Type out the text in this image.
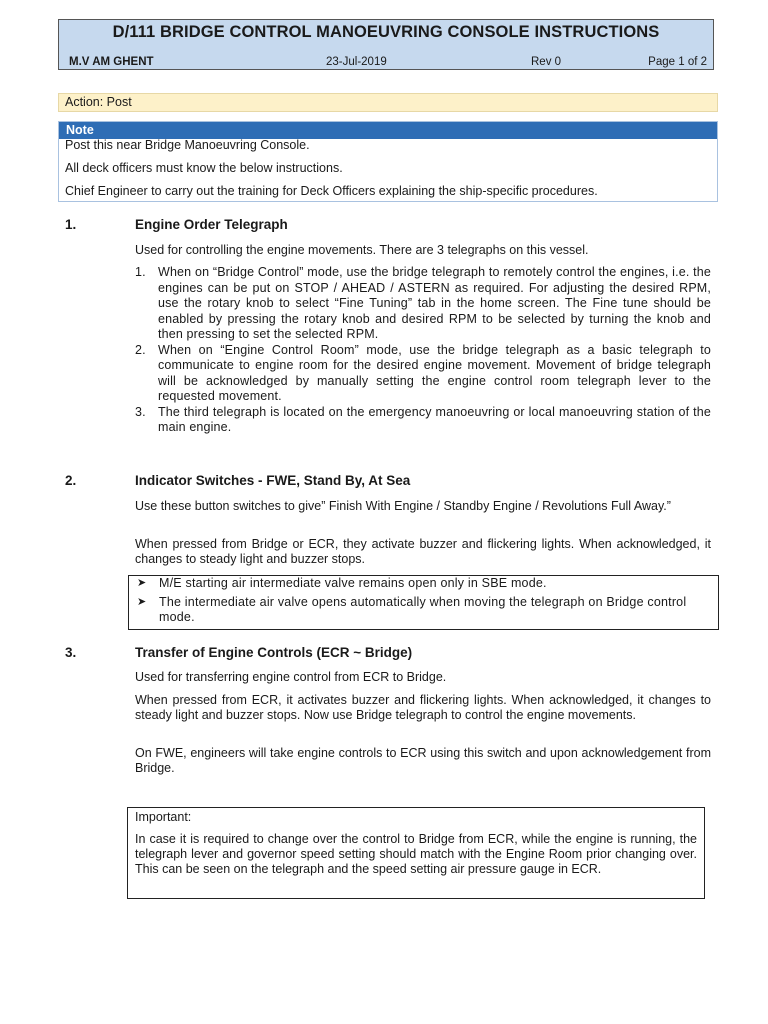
D/111 BRIDGE CONTROL MANOEUVRING CONSOLE INSTRUCTIONS
M.V AM GHENT	23-Jul-2019	Rev 0	Page 1 of 2
Action: Post
Note

Post this near Bridge Manoeuvring Console.

All deck officers must know the below instructions.

Chief Engineer to carry out the training for Deck Officers explaining the ship-specific procedures.

1.	Engine Order Telegraph

Used for controlling the engine movements. There are 3 telegraphs on this vessel.

1. When on “Bridge Control” mode, use the bridge telegraph to remotely control the engines, i.e. the engines can be put on STOP / AHEAD / ASTERN as required. For adjusting the desired RPM, use the rotary knob to select “Fine Tuning” tab in the home screen. The Fine tune should be enabled by pressing the rotary knob and desired RPM to be selected by turning the knob and then pressing to set the selected RPM.
2. When on “Engine Control Room” mode, use the bridge telegraph as a basic telegraph to communicate to engine room for the desired engine movement. Movement of bridge telegraph will be acknowledged by manually setting the engine control room telegraph lever to the requested movement.
3. The third telegraph is located on the emergency manoeuvring or local manoeuvring station of the main engine.
2.	Indicator Switches - FWE, Stand By, At Sea

Use these button switches to give” Finish With Engine / Standby Engine / Revolutions Full Away.”

When pressed from Bridge or ECR, they activate buzzer and flickering lights. When acknowledged, it changes to steady light and buzzer stops.

➤ M/E starting air intermediate valve remains open only in SBE mode.
➤ The intermediate air valve opens automatically when moving the telegraph on Bridge control mode.
3.	Transfer of Engine Controls (ECR ~ Bridge)

Used for transferring engine control from ECR to Bridge.

When pressed from ECR, it activates buzzer and flickering lights. When acknowledged, it changes to steady light and buzzer stops. Now use Bridge telegraph to control the engine movements.

On FWE, engineers will take engine controls to ECR using this switch and upon acknowledgement from Bridge.

Important:

In case it is required to change over the control to Bridge from ECR, while the engine is running, the telegraph lever and governor speed setting should match with the Engine Room prior changing over. This can be seen on the telegraph and the speed setting air pressure gauge in ECR.
